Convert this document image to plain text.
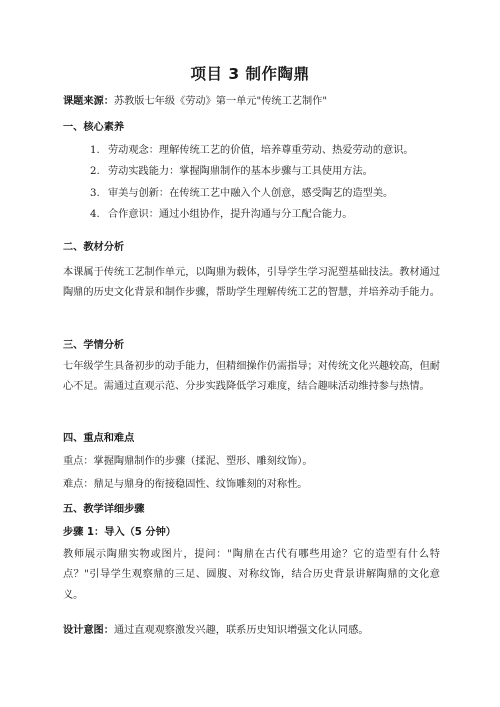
项目 3 制作陶鼎
课题来源：苏教版七年级《劳动》第一单元"传统工艺制作"
一、核心素养
1. 劳动观念：理解传统工艺的价值，培养尊重劳动、热爱劳动的意识。
2. 劳动实践能力：掌握陶鼎制作的基本步骤与工具使用方法。
3. 审美与创新：在传统工艺中融入个人创意，感受陶艺的造型美。
4. 合作意识：通过小组协作，提升沟通与分工配合能力。
二、教材分析
本课属于传统工艺制作单元，以陶鼎为载体，引导学生学习泥塑基础技法。教材通过陶鼎的历史文化背景和制作步骤，帮助学生理解传统工艺的智慧，并培养动手能力。
三、学情分析
七年级学生具备初步的动手能力，但精细操作仍需指导；对传统文化兴趣较高，但耐心不足。需通过直观示范、分步实践降低学习难度，结合趣味活动维持参与热情。
四、重点和难点
重点：掌握陶鼎制作的步骤（揉泥、塑形、雕刻纹饰）。
难点：鼎足与鼎身的衔接稳固性、纹饰雕刻的对称性。
五、教学详细步骤
步骤 1：导入（5 分钟）
教师展示陶鼎实物或图片，提问："陶鼎在古代有哪些用途？它的造型有什么特点？"引导学生观察鼎的三足、圆腹、对称纹饰，结合历史背景讲解陶鼎的文化意义。
设计意图：通过直观观察激发兴趣，联系历史知识增强文化认同感。
